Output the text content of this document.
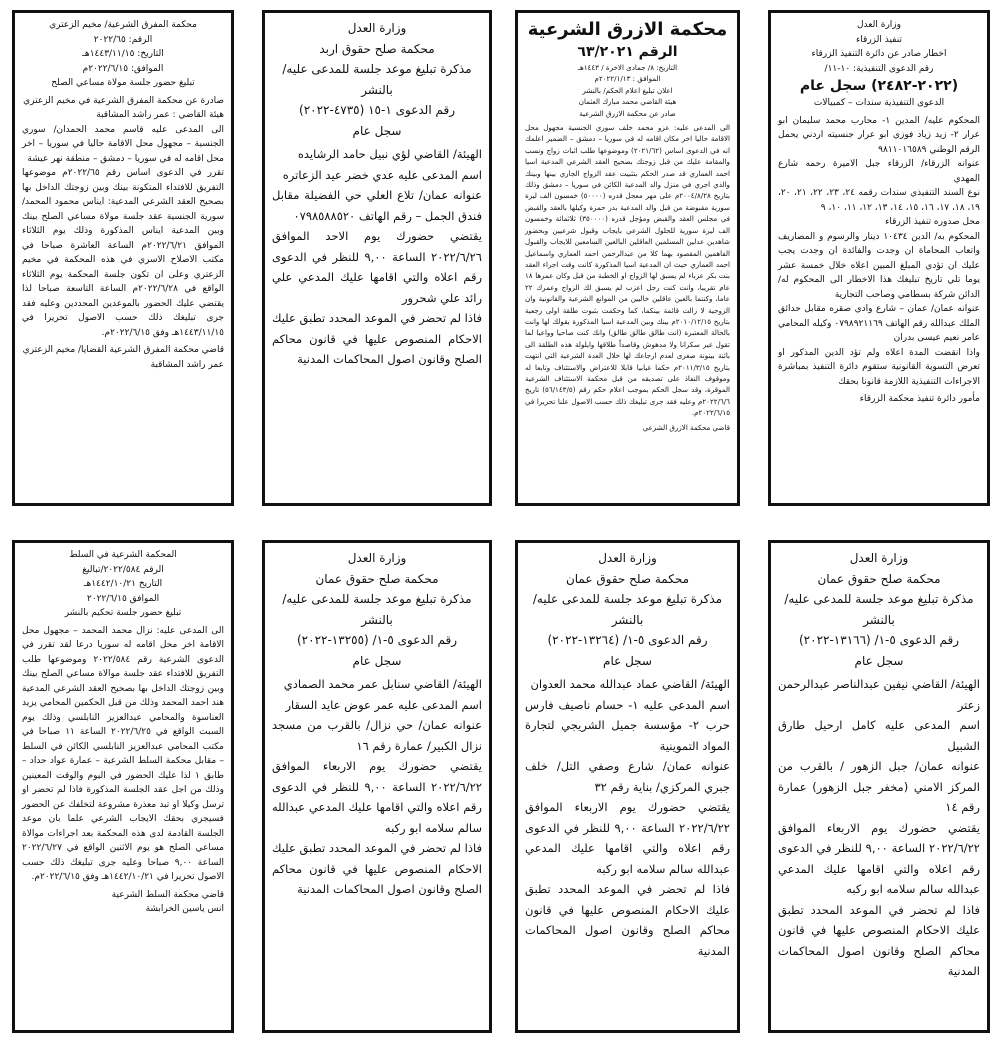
محكمة المفرق الشرعية/ مخيم الزعتري
الرقم: ٢٠٢٢/٦٥
التاريخ: ١٤٤٣/١١/١٥هـ
الموافق: ٢٠٢٢/٦/١٥م
تبليغ حضور جلسة مولاة مساعي الصلح
صادرة عن محكمة المفرق الشرعية في مخيم الزعتري
هيئة القاضي : عمر راشد المشاقبة
الى المدعى عليه قاسم محمد الحمدان/ سوري الجنسية – مجهول محل الاقامة حاليا في سوريا – اخر محل اقامه له في سوريا – دمشق – منطقة نهر عيشة
تقرر في الدعوى اساس رقم ٢٠٢٢/٦٥م موضوعها التفريق للافتداء المتكونة بينك وبين زوجتك الداخل بها بصحيح العقد الشرعي المدعية: ايناس محمود المحمد/ سورية الجنسية عقد جلسة مولاة مساعي الصلح بينك وبين المدعية ايناس المذكورة وذلك يوم الثلاثاء الموافق ٢٠٢٢/٦/٢١م الساعة العاشرة صباحا في مكتب الاصلاح الاسري في هذه المحكمة في مخيم الزعتري وعلى ان تكون جلسة المحكمة يوم الثلاثاء الواقع في ٢٠٢٢/٦/٢٨م الساعة التاسعة صباحا لذا يقتضي عليك الحضور بالموعدين المحددين وعليه فقد جرى تبليغك ذلك حسب الاصول تحريرا في ١٤٤٣/١١/١٥هـ وفق ٢٠٢٢/٦/١٥م.
قاضي محكمة المفرق الشرعية القضايا/ مخيم الزعتري
عمر راشد المشاقبة
وزارة العدل
محكمة صلح حقوق اربد
مذكرة تبليغ موعد جلسة للمدعى عليه/ بالنشر
رقم الدعوى ١-١٥ (٤٧٣٥-٢٠٢٢)
سجل عام
الهيئة/ القاضي لؤي نبيل حامد الرشايده
اسم المدعى عليه عدي خضر عيد الزعاتره
عنوانه عمان/ تلاع العلي حي الفضيلة مقابل فندق الجمل – رقم الهاتف ٠٧٩٨٥٨٨٥٢٠
يقتضي حضورك يوم الاحد الموافق ٢٠٢٢/٦/٢٦ الساعة ٩,٠٠ للنظر في الدعوى رقم اعلاه والتي اقامها عليك المدعي علي رائد علي شحرور
فاذا لم تحضر في الموعد المحدد تطبق عليك الاحكام المنصوص عليها في قانون محاكم الصلح وقانون اصول المحاكمات المدنية
محكمة الازرق الشرعية
الرقم ٦٣/٢٠٢١
التاريخ: ٨/ جمادى الاخرة / ١٤٤٣هـ
الموافق : ٢٠٢٢/١/١٣م
اعلان تبليغ اعلام الحكم/ بالنشر
هيئة القاضي محمد مبارك العثمان
صادر عن محكمة الازرق الشرعية
الى المدعى عليه: عزو محمد خلف سوري الجنسية مجهول محل الاقامة حاليا اخر مكان اقامه له في سوريا – دمشق – الضمير اعلمك انه في الدعوى اساس (٢٠٢١/٦٢) وموضوعها طلب اثبات زواج ونسب والمقامة عليك من قبل زوجتك بصحيح العقد الشرعي المدعية اسيا احمد العماري قد صدر الحكم بتثبيت عقد الزواج الجاري بينها وبينك والذي اجري في منزل والد المدعية الكائن في سوريا – دمشق وذلك بتاريخ ٢٠٠٤/٨/٢٨م على مهر معجل قدره (٥٠٠٠٠) خمسون الف ليرة سورية مقبوضة من قبل والد المدعية بدر حمزة وكيلها بالعقد والقبض في مجلس العقد والقبض ومؤجل قدره (٣٥٠٠٠٠) ثلاثمائة وخمسون الف ليرة سورية للحلول الشرعي بايجاب وقبول شرعيين وبحضور شاهدين عدلين المسلمين العاقلين البالغين السامعين للايجاب والقبول الفاهمين المقصود بهما كلا من عبدالرحمن احمد العماري واسماعيل احمد العماري حيث ان المدعية اسيا المذكورة كانت وقت اجراء العقد بنت بكر عزباء لم يسبق لها الزواج او الخطبة من قبل وكان عمرها ١٨ عام تقريبا، وانت كنت رجل اعزب لم يسبق لك الزواج وعمرك ٢٢ عاما، وكنتما بالغين عاقلين خاليين من الموانع الشرعية والقانونية وان الزوجية لا زالت قائمة بينكما، كما وحكمت بثبوت طلقة اولى رجعية بتاريخ ٢٠١٠/١٢/١٥م بينك وبين المدعية اسيا المذكورة بقولك لها وانت بالحالة المعتبرة (انت طالق طالق طالق) وانك كنت صاحيا وواعيا لما تقول غير سكرانا ولا مدهوش وقاصداً طلاقها وايلولة هذه الطلقة الى بائنة بينونة صغرى لعدم ارجاعك لها خلال العدة الشرعية التي انتهت بتاريخ ٢٠١١/٣/١٥م حكما غيابيا قابلا للاعتراض والاستئناف وتابعا له وموقوف النفاذ على تصديقه من قبل محكمة الاستئناف الشرعية الموقرة، وقد سجل الحكم بموجب اعلام حكم رقم (٥٦/١٤٣/٥) تاريخ ٢٠٢٢/٦/٦م وعليه فقد جرى تبليغك ذلك حسب الاصول علنا تحريرا في ٢٠٢٢/٦/١٥م.
قاضي محكمة الازرق الشرعي
وزارة العدل
تنفيذ الزرقاء
اخطار صادر عن دائرة التنفيذ الزرقاء
رقم الدعوى التنفيذية: ١٠-١١/
(٢٠٢٢-٢٤٨٢) سجل عام
الدعوى التنفيذية سندات – كمبيالات
المحكوم عليه/ المدين ١- محارب محمد سليمان ابو عرار ٢- زيد زياد فوزي ابو عرار جنسيته اردني يحمل الرقم الوطني ٩٨١١٠١٦٥٨٩
عنوانه الزرقاء/ الزرقاء جبل الاميرة رحمه شارع المهدي
نوع السند التنفيذي سندات رقمه ٢٤، ٢٣، ٢٢، ٢١، ٢٠، ١٩، ١٨، ١٧، ١٦، ١٥، ١٤، ١٣، ١٢، ١١، ١٠، ٩
محل صدوره تنفيذ الزرقاء
المحكوم به/ الدين ١٠٤٣٤ دينار والرسوم و المصاريف واتعاب المحاماة ان وجدت والفائدة ان وجدت يجب عليك ان تؤدي المبلغ المبين اعلاه خلال خمسة عشر يوما تلي تاريخ تبليغك هذا الاخطار الى المحكوم له/ الدائن شركة بسطامي وصاحب التجارية
عنوانه عمان/ عمان – شارع وادي صقره مقابل حدائق الملك عبدالله رقم الهاتف ٠٧٩٨٩٢١١٦٩ وكيله المحامي عامر نعيم عيسى بدران
واذا انقضت المدة اعلاه ولم تؤد الدين المذكور او تعرض التسوية القانونية ستقوم دائرة التنفيذ بمباشرة الاجراءات التنفيذية اللازمة قانونا بحقك
مأمور دائرة تنفيذ محكمة الزرقاء
المحكمة الشرعية في السلط
الرقم ٢٠٢٢/٥٨٤/تباليغ
التاريخ ١٤٤٢/١٠/٢١هـ
الموافق ٢٠٢٢/٦/١٥
تبليغ حضور جلسة تحكيم بالنشر
الى المدعى عليه: نزال محمد المحمد – مجهول محل الاقامة اخر محل اقامه له سوريا درعا لقد تقرر في الدعوى الشرعية رقم ٢٠٢٢/٥٨٤ وموضوعها طلب التفريق للافتداء عقد جلسة موالاة مساعي الصلح بينك وبين زوجتك الداخل بها بصحيح العقد الشرعي المدعية هند احمد المحمد وذلك من قبل الحكمين المحامي يزيد العناسوة والمحامي عبدالعزيز النابلسي وذلك يوم السبت الواقع في ٢٠٢٢/٦/٢٥ الساعة ١١ صباحا في مكتب المحامي عبدالعزيز النابلسي الكائن في السلط – مقابل محكمة السلط الشرعية – عمارة عواد حداد – طابق ١ لذا عليك الحضور في اليوم والوقت المعينين وذلك من اجل عقد الجلسة المذكورة فاذا لم تحضر او ترسل وكيلا او تبد معذرة مشروعة لتخلفك عن الحضور فسيجري بحقك الايجاب الشرعي علما بان موعد الجلسة القادمة لدى هذه المحكمة بعد اجراءات موالاة مساعي الصلح هو يوم الاثنين الواقع في ٢٠٢٢/٦/٢٧ الساعة ٩,٠٠ صباحا وعليه جرى تبليغك ذلك حسب الاصول تحريرا في ١٤٤٢/١٠/٢١هـ وفق ٢٠٢٢/٦/١٥م.
قاضي محكمة السلط الشرعية
انس ياسين الخرابشة
وزارة العدل
محكمة صلح حقوق عمان
مذكرة تبليغ موعد جلسة للمدعى عليه/ بالنشر
رقم الدعوى ٥-١/ (١٣٢٥٥-٢٠٢٢)
سجل عام
الهيئة/ القاضي سنابل عمر محمد الصمادي
اسم المدعى عليه عمر عوض عايد السقار
عنوانه عمان/ حي نزال/ بالقرب من مسجد نزال الكبير/ عمارة رقم ١٦
يقتضي حضورك يوم الاربعاء الموافق ٢٠٢٢/٦/٢٢ الساعة ٩,٠٠ للنظر في الدعوى رقم اعلاه والتي اقامها عليك المدعي عبدالله سالم سلامه ابو ركبه
فاذا لم تحضر في الموعد المحدد تطبق عليك الاحكام المنصوص عليها في قانون محاكم الصلح وقانون اصول المحاكمات المدنية
وزارة العدل
محكمة صلح حقوق عمان
مذكرة تبليغ موعد جلسة للمدعى عليه/ بالنشر
رقم الدعوى ٥-١/ (١٣٢٦٤-٢٠٢٢)
سجل عام
الهيئة/ القاضي عماد عبدالله محمد العدوان
اسم المدعى عليه ١- حسام ناصيف فارس حرب ٢- مؤسسة جميل الشريجي لتجارة المواد التموينية
عنوانه عمان/ شارع وصفي التل/ خلف جبري المركزي/ بناية رقم ٣٢
يقتضي حضورك يوم الاربعاء الموافق ٢٠٢٢/٦/٢٢ الساعة ٩,٠٠ للنظر في الدعوى رقم اعلاه والتي اقامها عليك المدعي عبدالله سالم سلامه ابو ركبه
فاذا لم تحضر في الموعد المحدد تطبق عليك الاحكام المنصوص عليها في قانون محاكم الصلح وقانون اصول المحاكمات المدنية
وزارة العدل
محكمة صلح حقوق عمان
مذكرة تبليغ موعد جلسة للمدعى عليه/ بالنشر
رقم الدعوى ٥-١/ (١٣١٦٦-٢٠٢٢)
سجل عام
الهيئة/ القاضي نيفين عبدالناصر عبدالرحمن زعتر
اسم المدعى عليه كامل ارحيل طارق الشبيل
عنوانه عمان/ جبل الزهور / بالقرب من المركز الامني (مخفر جبل الزهور) عمارة رقم ١٤
يقتضي حضورك يوم الاربعاء الموافق ٢٠٢٢/٦/٢٢ الساعة ٩,٠٠ للنظر في الدعوى رقم اعلاه والتي اقامها عليك المدعي عبدالله سالم سلامه ابو ركبه
فاذا لم تحضر في الموعد المحدد تطبق عليك الاحكام المنصوص عليها في قانون محاكم الصلح وقانون اصول المحاكمات المدنية
